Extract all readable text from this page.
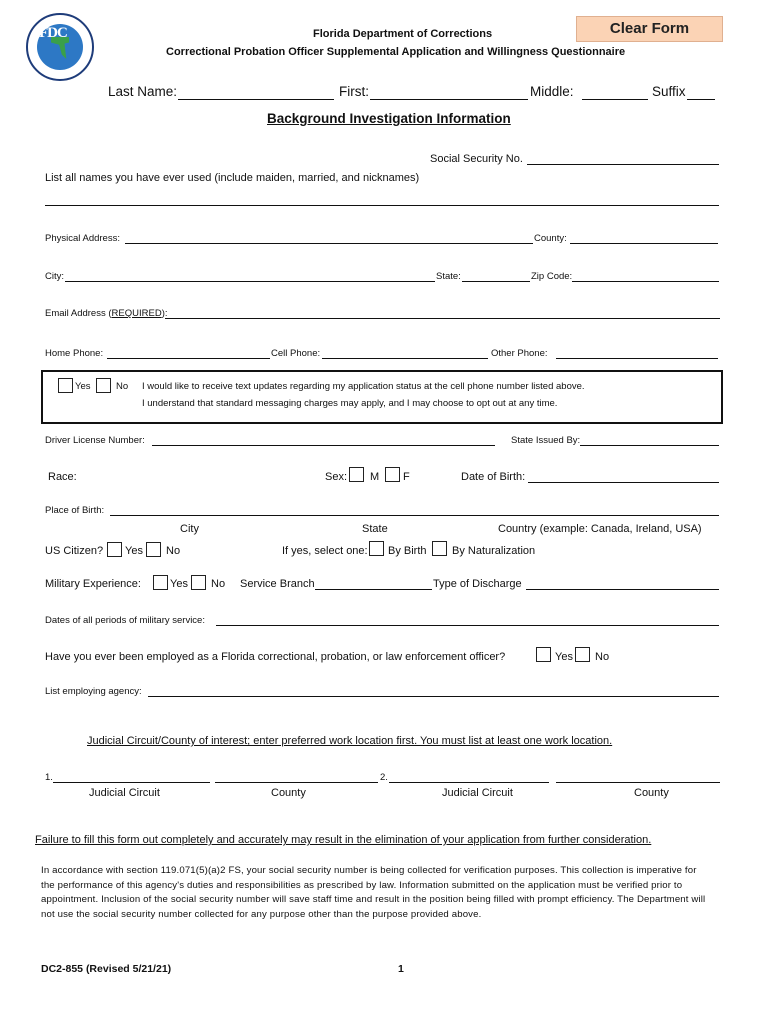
FDC	Florida Department of Corrections
Correctional Probation Officer Supplemental Application and Willingness Questionnaire
Clear Form
Last Name:	First:	Middle:	Suffix
Background Investigation Information
Social Security No.
List all names you have ever used (include maiden, married, and nicknames)
Physical Address:	County:
City:	State:	Zip Code:
Email Address (REQUIRED):
Home Phone:	Cell Phone:	Other Phone:
Yes	No I would like to receive text updates regarding my application status at the cell phone number listed above.
I understand that standard messaging charges may apply, and I may choose to opt out at any time.
Driver License Number:	State Issued By:
Race:	Sex: M F	Date of Birth:
Place of Birth:
City	State	Country (example: Canada, Ireland, USA)
US Citizen? Yes No	If yes, select one: By Birth By Naturalization
Military Experience:	Yes No Service Branch	Type of Discharge
Dates of all periods of military service:
Have you ever been employed as a Florida correctional, probation, or law enforcement officer?	Yes No
List employing agency:
Judicial Circuit/County of interest; enter preferred work location first. You must list at least one work location.
1.	2.
Judicial Circuit	County	Judicial Circuit	County
Failure to fill this form out completely and accurately may result in the elimination of your application from further consideration.
In accordance with section 119.071(5)(a)2 FS, your social security number is being collected for verification purposes. This collection is imperative for the performance of this agency's duties and responsibilities as prescribed by law. Information submitted on the application must be verified prior to appointment. Inclusion of the social security number will save staff time and result in the position being filled with prompt efficiency. The Department will not use the social security number collected for any purpose other than the purpose provided above.
DC2-855 (Revised 5/21/21)	1
